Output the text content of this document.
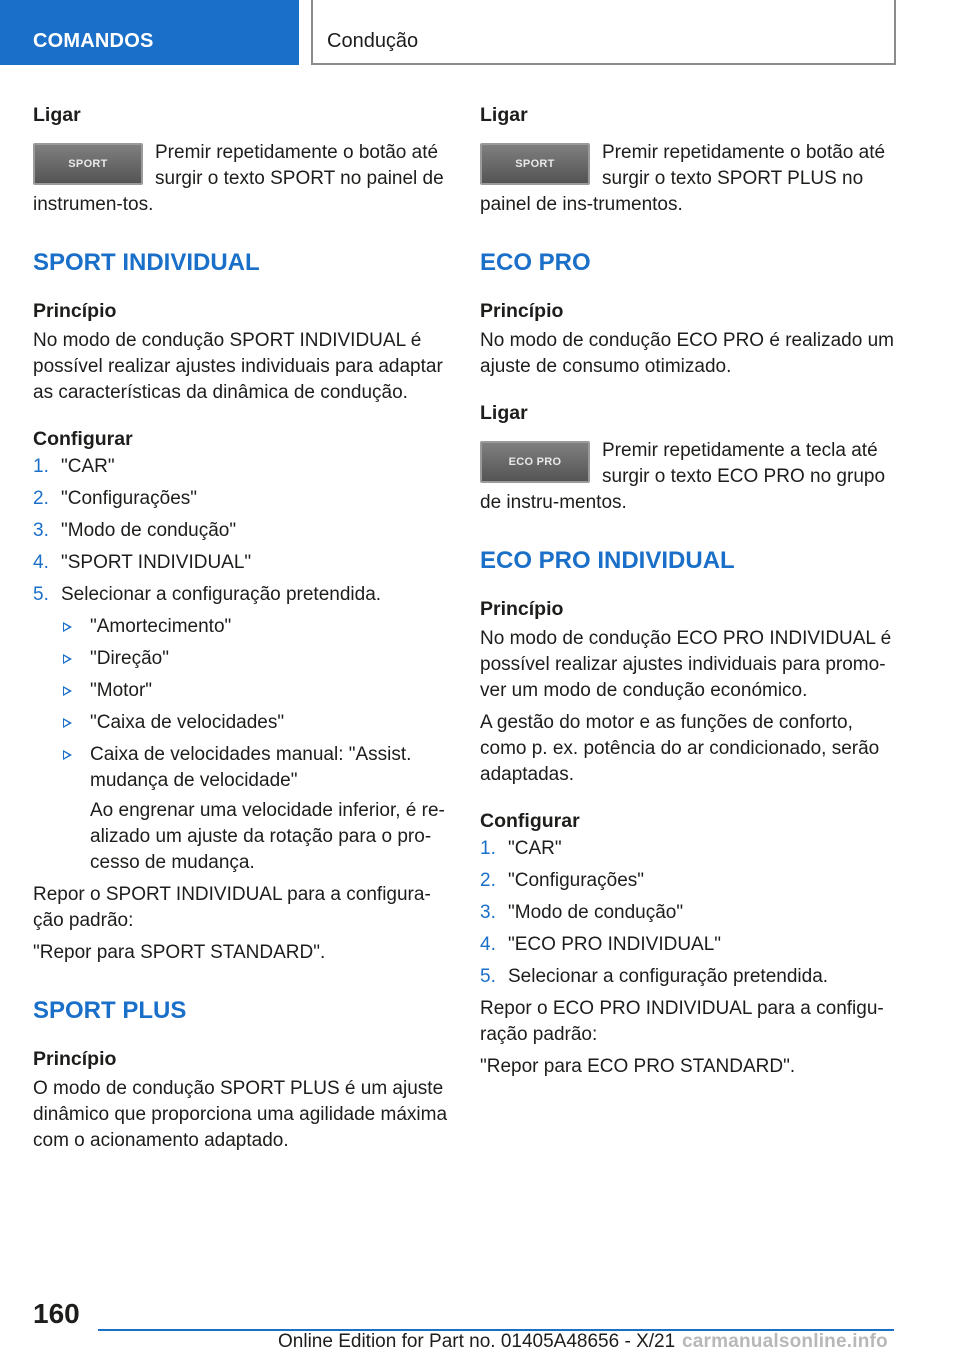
COMANDOS	Condução

Ligar

SPORT
Premir repetidamente o botão até surgir o texto SPORT no painel de instrumen-tos.

SPORT INDIVIDUAL

Princípio

No modo de condução SPORT INDIVIDUAL é possível realizar ajustes individuais para adaptar as características da dinâmica de condução.

Configurar

1. "CAR"
2. "Configurações"
3. "Modo de condução"
4. "SPORT INDIVIDUAL"
5. Selecionar a configuração pretendida.
"Amortecimento"
"Direção"
"Motor"
"Caixa de velocidades"
Caixa de velocidades manual: "Assist. mudança de velocidade"

Ao engrenar uma velocidade inferior, é re-alizado um ajuste da rotação para o pro-cesso de mudança.

Repor o SPORT INDIVIDUAL para a configura-ção padrão:

"Repor para SPORT STANDARD".

SPORT PLUS

Princípio

O modo de condução SPORT PLUS é um ajuste dinâmico que proporciona uma agilidade máxima com o acionamento adaptado.

Ligar

SPORT
Premir repetidamente o botão até surgir o texto SPORT PLUS no painel de ins-trumentos.

ECO PRO

Princípio

No modo de condução ECO PRO é realizado um ajuste de consumo otimizado.

Ligar

ECO PRO
Premir repetidamente a tecla até surgir o texto ECO PRO no grupo de instru-mentos.

ECO PRO INDIVIDUAL

Princípio

No modo de condução ECO PRO INDIVIDUAL é possível realizar ajustes individuais para promo-ver um modo de condução económico.

A gestão do motor e as funções de conforto, como p. ex. potência do ar condicionado, serão adaptadas.

Configurar

1. "CAR"
2. "Configurações"
3. "Modo de condução"
4. "ECO PRO INDIVIDUAL"
5. Selecionar a configuração pretendida.

Repor o ECO PRO INDIVIDUAL para a configu-ração padrão:

"Repor para ECO PRO STANDARD".

160
Online Edition for Part no. 01405A48656 - X/21 carmanualsonline.info
